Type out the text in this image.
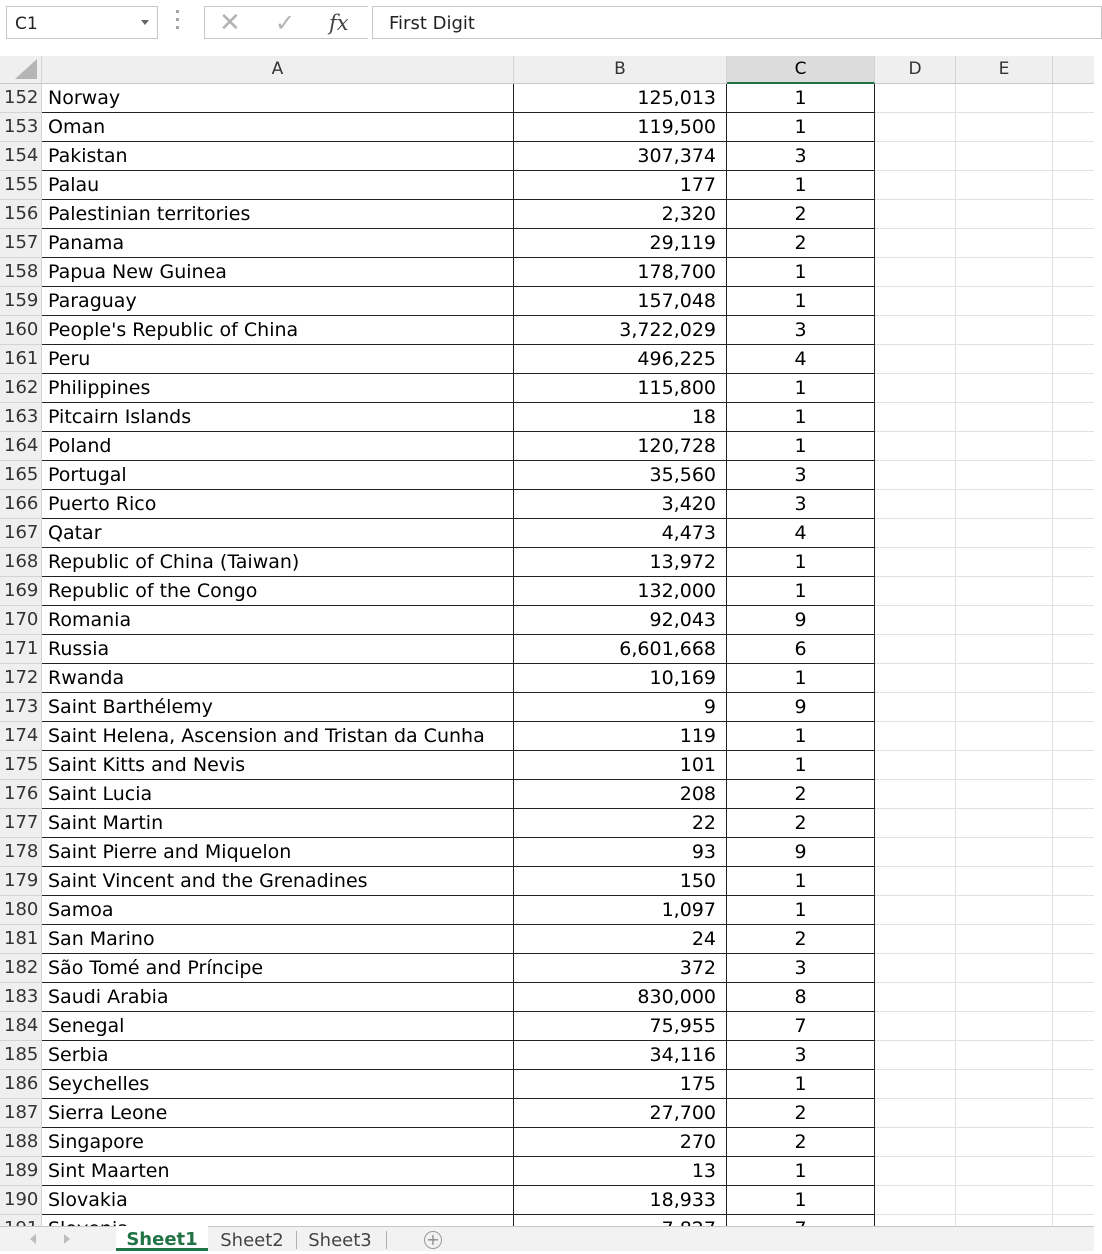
C1	✕ ✓ fx First Digit
A	B	C	D	E
152 Norway	125,013	1
153 Oman	119,500	1
154 Pakistan	307,374	3
155 Palau	177	1
156 Palestinian territories	2,320	2
157 Panama	29,119	2
158 Papua New Guinea	178,700	1
159 Paraguay	157,048	1
160 People's Republic of China	3,722,029	3
161 Peru	496,225	4
162 Philippines	115,800	1
163 Pitcairn Islands	18	1
164 Poland	120,728	1
165 Portugal	35,560	3
166 Puerto Rico	3,420	3
167 Qatar	4,473	4
168 Republic of China (Taiwan)	13,972	1
169 Republic of the Congo	132,000	1
170 Romania	92,043	9
171 Russia	6,601,668	6
172 Rwanda	10,169	1
173 Saint Barthélemy	9	9
174 Saint Helena, Ascension and Tristan da Cunha	119	1
175 Saint Kitts and Nevis	101	1
176 Saint Lucia	208	2
177 Saint Martin	22	2
178 Saint Pierre and Miquelon	93	9
179 Saint Vincent and the Grenadines	150	1
180 Samoa	1,097	1
181 San Marino	24	2
182 São Tomé and Príncipe	372	3
183 Saudi Arabia	830,000	8
184 Senegal	75,955	7
185 Serbia	34,116	3
186 Seychelles	175	1
187 Sierra Leone	27,700	2
188 Singapore	270	2
189 Sint Maarten	13	1
190 Slovakia	18,933	1
Sheet1	Sheet2	Sheet3	+
